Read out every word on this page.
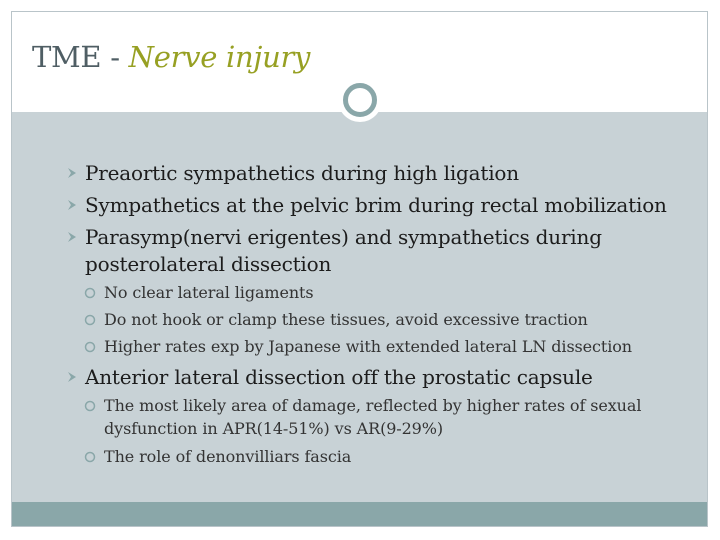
TME - Nerve injury

Preaortic sympathetics during high ligation

Sympathetics at the pelvic brim during rectal mobilization

Parasymp(nervi erigentes) and sympathetics during

posterolateral dissection

No clear lateral ligaments

Do not hook or clamp these tissues, avoid excessive traction

Higher rates exp by Japanese with extended lateral LN dissection

Anterior lateral dissection off the prostatic capsule

The most likely area of damage, reflected by higher rates of sexual

dysfunction in APR(14-51%) vs AR(9-29%)

The role of denonvilliars fascia
